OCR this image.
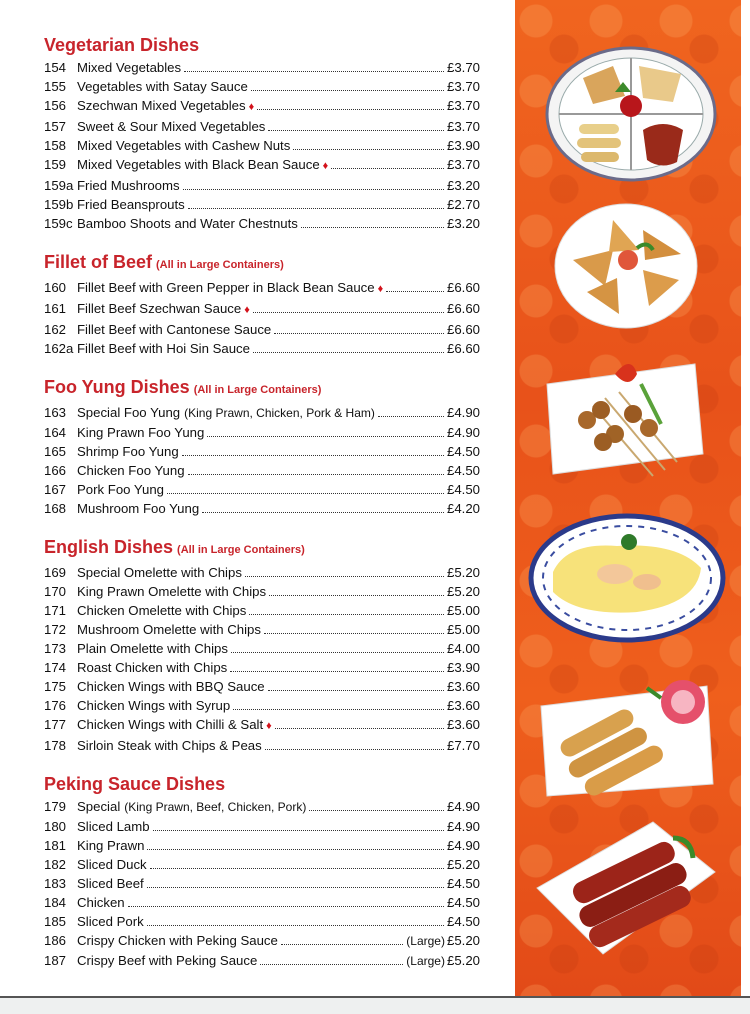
Vegetarian Dishes
154 Mixed Vegetables	£3.70
155 Vegetables with Satay Sauce	£3.70
156 Szechwan Mixed Vegetables ♦	£3.70
157 Sweet & Sour Mixed Vegetables	£3.70
158 Mixed Vegetables with Cashew Nuts	£3.90
159 Mixed Vegetables with Black Bean Sauce ♦	£3.70
159a Fried Mushrooms	£3.20
159b Fried Beansprouts	£2.70
159c Bamboo Shoots and Water Chestnuts	£3.20
Fillet of Beef (All in Large Containers)
160 Fillet Beef with Green Pepper in Black Bean Sauce ♦	£6.60
161 Fillet Beef Szechwan Sauce ♦	£6.60
162 Fillet Beef with Cantonese Sauce	£6.60
162a Fillet Beef with Hoi Sin Sauce	£6.60
Foo Yung Dishes (All in Large Containers)
163 Special Foo Yung (King Prawn, Chicken, Pork & Ham)	£4.90
164 King Prawn Foo Yung	£4.90
165 Shrimp Foo Yung	£4.50
166 Chicken Foo Yung	£4.50
167 Pork Foo Yung	£4.50
168 Mushroom Foo Yung	£4.20
English Dishes (All in Large Containers)
169 Special Omelette with Chips	£5.20
170 King Prawn Omelette with Chips	£5.20
171 Chicken Omelette with Chips	£5.00
172 Mushroom Omelette with Chips	£5.00
173 Plain Omelette with Chips	£4.00
174 Roast Chicken with Chips	£3.90
175 Chicken Wings with BBQ Sauce	£3.60
176 Chicken Wings with Syrup	£3.60
177 Chicken Wings with Chilli & Salt ♦	£3.60
178 Sirloin Steak with Chips & Peas	£7.70
Peking Sauce Dishes
179 Special (King Prawn, Beef, Chicken, Pork)	£4.90
180 Sliced Lamb	£4.90
181 King Prawn	£4.90
182 Sliced Duck	£5.20
183 Sliced Beef	£4.50
184 Chicken	£4.50
185 Sliced Pork	£4.50
186 Crispy Chicken with Peking Sauce	(Large) £5.20
187 Crispy Beef with Peking Sauce	(Large) £5.20
